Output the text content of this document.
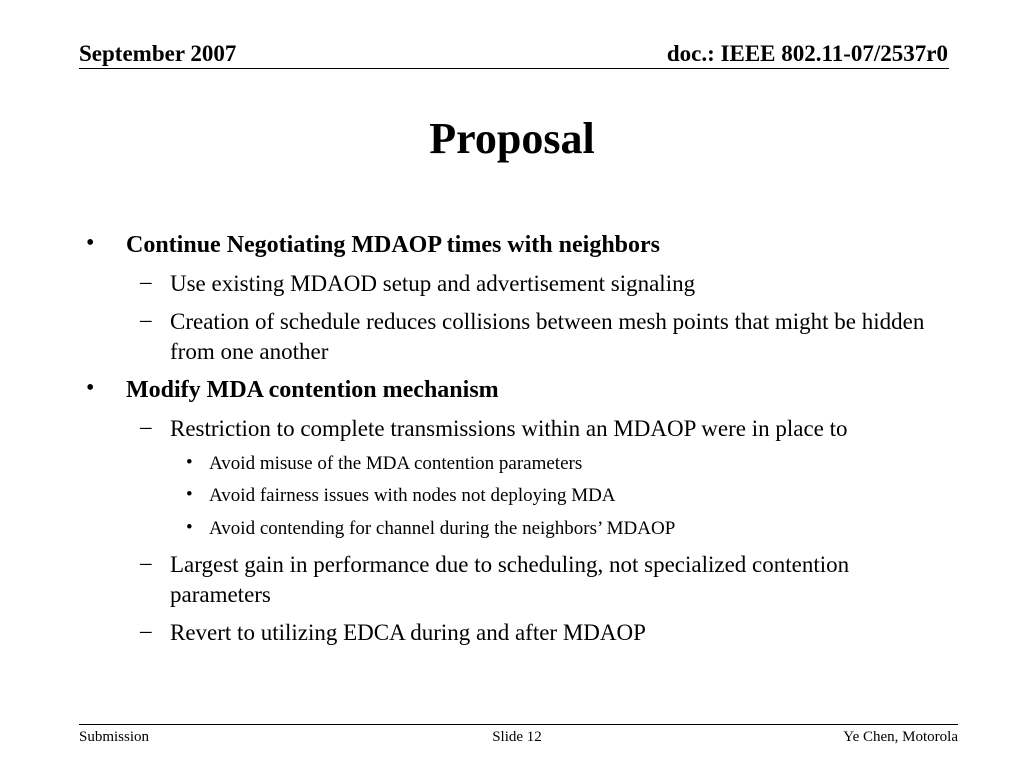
September 2007	doc.: IEEE 802.11-07/2537r0
Proposal
• Continue Negotiating MDAOP times with neighbors
– Use existing MDAOD setup and advertisement signaling
– Creation of schedule reduces collisions between mesh points that might be hidden from one another
• Modify MDA contention mechanism
– Restriction to complete transmissions within an MDAOP were in place to
• Avoid misuse of the MDA contention parameters
• Avoid fairness issues with nodes not deploying MDA
• Avoid contending for channel during the neighbors’ MDAOP
– Largest gain in performance due to scheduling, not specialized contention parameters
– Revert to utilizing EDCA during and after MDAOP
Submission	Slide 12	Ye Chen, Motorola
